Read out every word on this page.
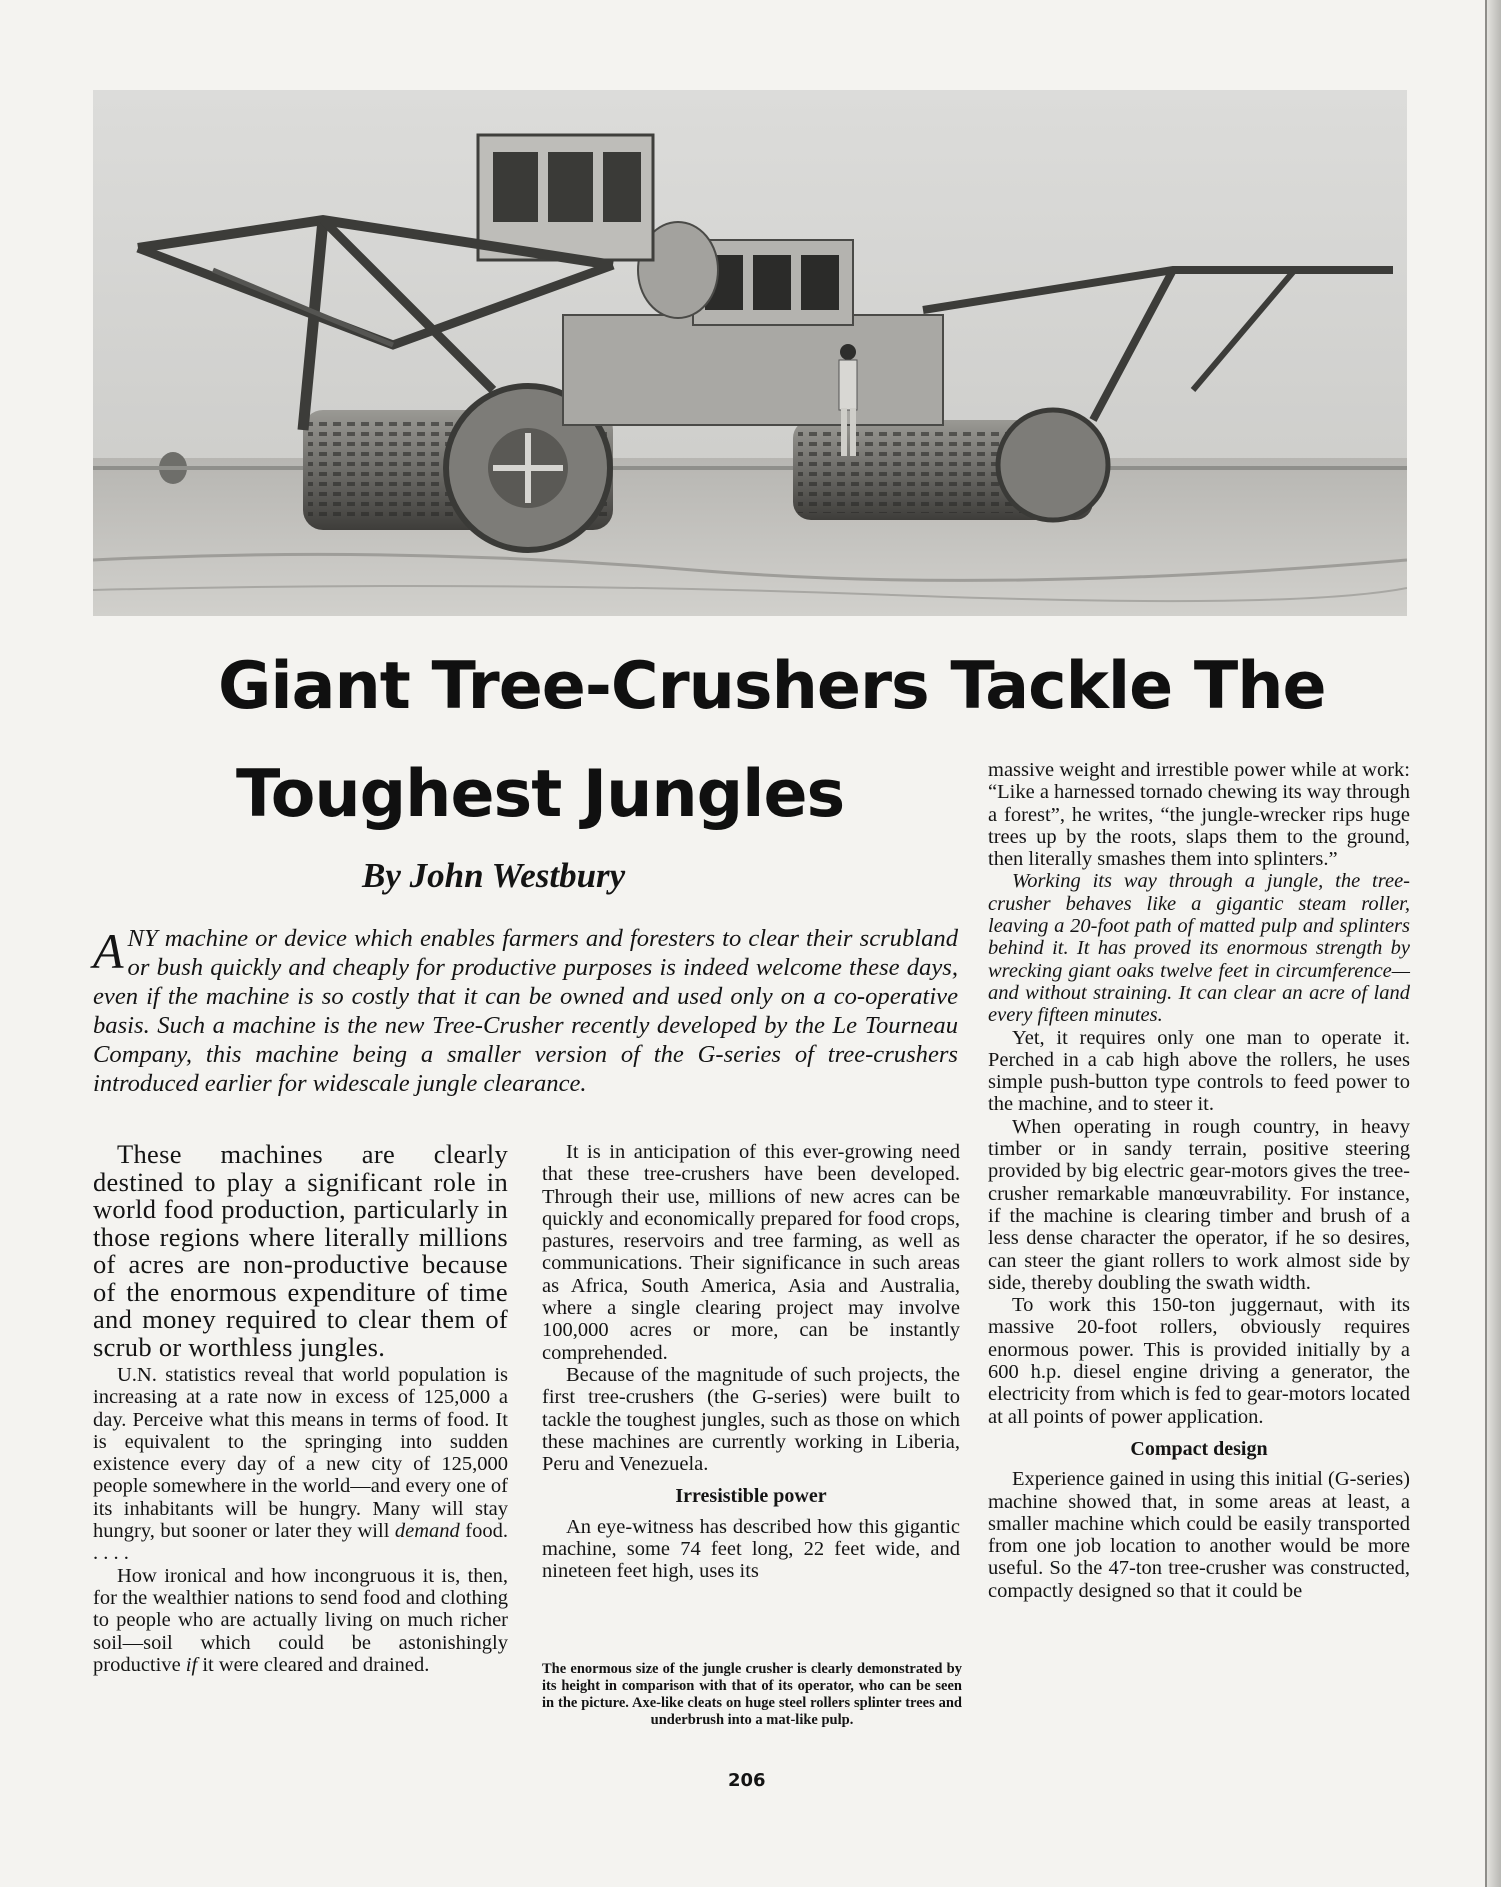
Giant Tree-Crushers Tackle The
Toughest Jungles

By John Westbury

ANY machine or device which enables farmers and foresters to clear their scrubland or bush quickly and cheaply for productive purposes is indeed welcome these days, even if the machine is so costly that it can be owned and used only on a co-operative basis. Such a machine is the new Tree-Crusher recently developed by the Le Tourneau Company, this machine being a smaller version of the G-series of tree-crushers introduced earlier for widescale jungle clearance.

These machines are clearly destined to play a significant role in world food production, particularly in those regions where literally millions of acres are non-productive because of the enormous expenditure of time and money required to clear them of scrub or worthless jungles.

U.N. statistics reveal that world population is increasing at a rate now in excess of 125,000 a day. Perceive what this means in terms of food. It is equivalent to the springing into sudden existence every day of a new city of 125,000 people somewhere in the world—and every one of its inhabitants will be hungry. Many will stay hungry, but sooner or later they will demand food. . . . .

How ironical and how incongruous it is, then, for the wealthier nations to send food and clothing to people who are actually living on much richer soil—soil which could be astonishingly productive if it were cleared and drained.

It is in anticipation of this ever-growing need that these tree-crushers have been developed. Through their use, millions of new acres can be quickly and economically prepared for food crops, pastures, reservoirs and tree farming, as well as communications. Their significance in such areas as Africa, South America, Asia and Australia, where a single clearing project may involve 100,000 acres or more, can be instantly comprehended.

Because of the magnitude of such projects, the first tree-crushers (the G-series) were built to tackle the toughest jungles, such as those on which these machines are currently working in Liberia, Peru and Venezuela.

Irresistible power

An eye-witness has described how this gigantic machine, some 74 feet long, 22 feet wide, and nineteen feet high, uses its

The enormous size of the jungle crusher is clearly demonstrated by its height in comparison with that of its operator, who can be seen in the picture. Axe-like cleats on huge steel rollers splinter trees and underbrush into a mat-like pulp.

massive weight and irrestible power while at work: “Like a harnessed tornado chewing its way through a forest”, he writes, “the jungle-wrecker rips huge trees up by the roots, slaps them to the ground, then literally smashes them into splinters.”

Working its way through a jungle, the tree-crusher behaves like a gigantic steam roller, leaving a 20-foot path of matted pulp and splinters behind it. It has proved its enormous strength by wrecking giant oaks twelve feet in circumference—and without straining. It can clear an acre of land every fifteen minutes.

Yet, it requires only one man to operate it. Perched in a cab high above the rollers, he uses simple push-button type controls to feed power to the machine, and to steer it.

When operating in rough country, in heavy timber or in sandy terrain, positive steering provided by big electric gear-motors gives the tree-crusher remarkable manœuvrability. For instance, if the machine is clearing timber and brush of a less dense character the operator, if he so desires, can steer the giant rollers to work almost side by side, thereby doubling the swath width.

To work this 150-ton juggernaut, with its massive 20-foot rollers, obviously requires enormous power. This is provided initially by a 600 h.p. diesel engine driving a generator, the electricity from which is fed to gear-motors located at all points of power application.

Compact design

Experience gained in using this initial (G-series) machine showed that, in some areas at least, a smaller machine which could be easily transported from one job location to another would be more useful. So the 47-ton tree-crusher was constructed, compactly designed so that it could be

206
